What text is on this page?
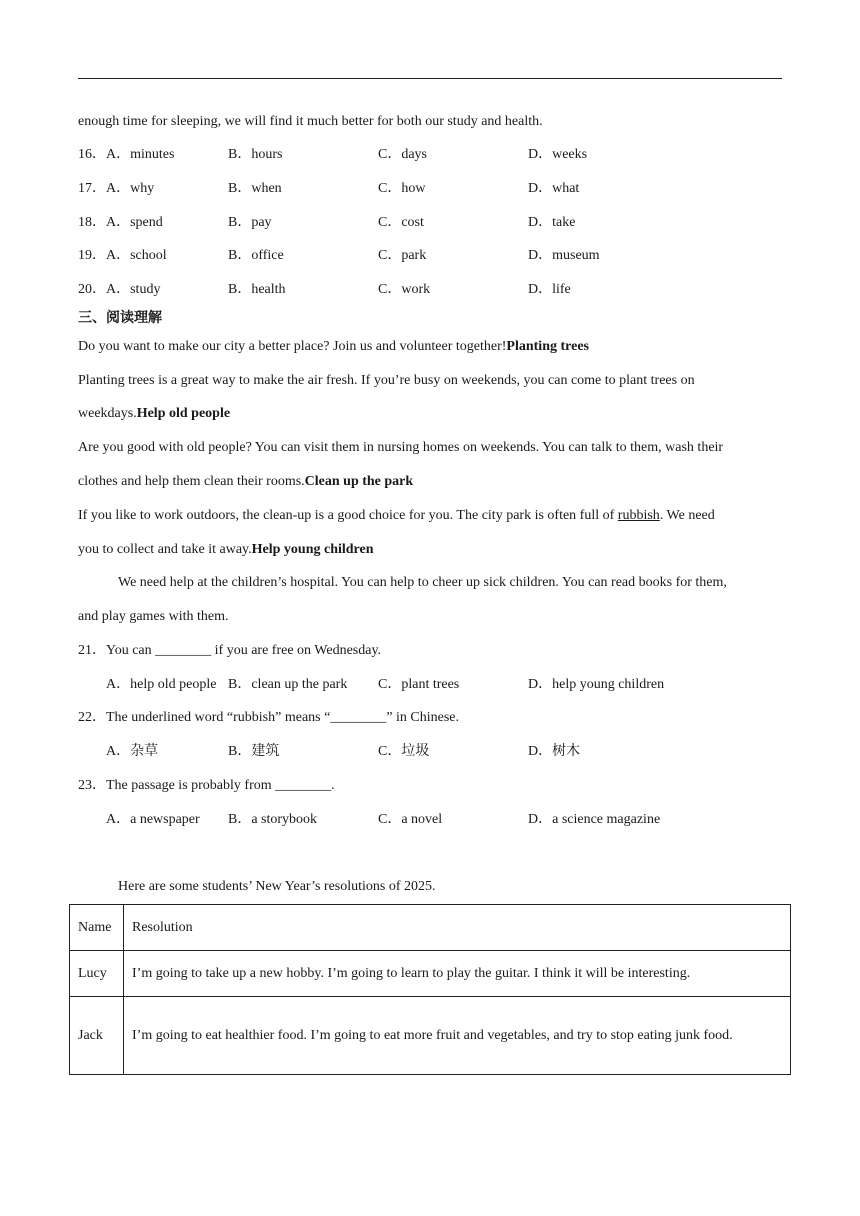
enough time for sleeping, we will find it much better for both our study and health.
16． A．minutes	B．hours	C．days	D．weeks
17． A．why	B．when	C．how	D．what
18． A．spend	B．pay	C．cost	D．take
19． A．school	B．office	C．park	D．museum
20． A．study	B．health	C．work	D．life
三、阅读理解
Do you want to make our city a better place? Join us and volunteer together!Planting trees
Planting trees is a great way to make the air fresh. If you’re busy on weekends, you can come to plant trees on
weekdays.Help old people
Are you good with old people? You can visit them in nursing homes on weekends. You can talk to them, wash their
clothes and help them clean their rooms.Clean up the park
If you like to work outdoors, the clean-up is a good choice for you. The city park is often full of rubbish. We need
you to collect and take it away.Help young children
We need help at the children’s hospital. You can help to cheer up sick children. You can read books for them,
and play games with them.
21．You can ________ if you are free on Wednesday.
A．help old people B．clean up the park C．plant trees	D．help young children
22．The underlined word “rubbish” means “________” in Chinese.
A．杂草	B．建筑	C．垃圾	D．树木
23．The passage is probably from ________.
A．a newspaper B．a storybook	C．a novel	D．a science magazine
Here are some students’ New Year’s resolutions of 2025.
Name	Resolution
Lucy	I’m going to take up a new hobby. I’m going to learn to play the guitar. I think it will be interesting.
Jack	I’m going to eat healthier food. I’m going to eat more fruit and vegetables, and try to stop eating junk food.
